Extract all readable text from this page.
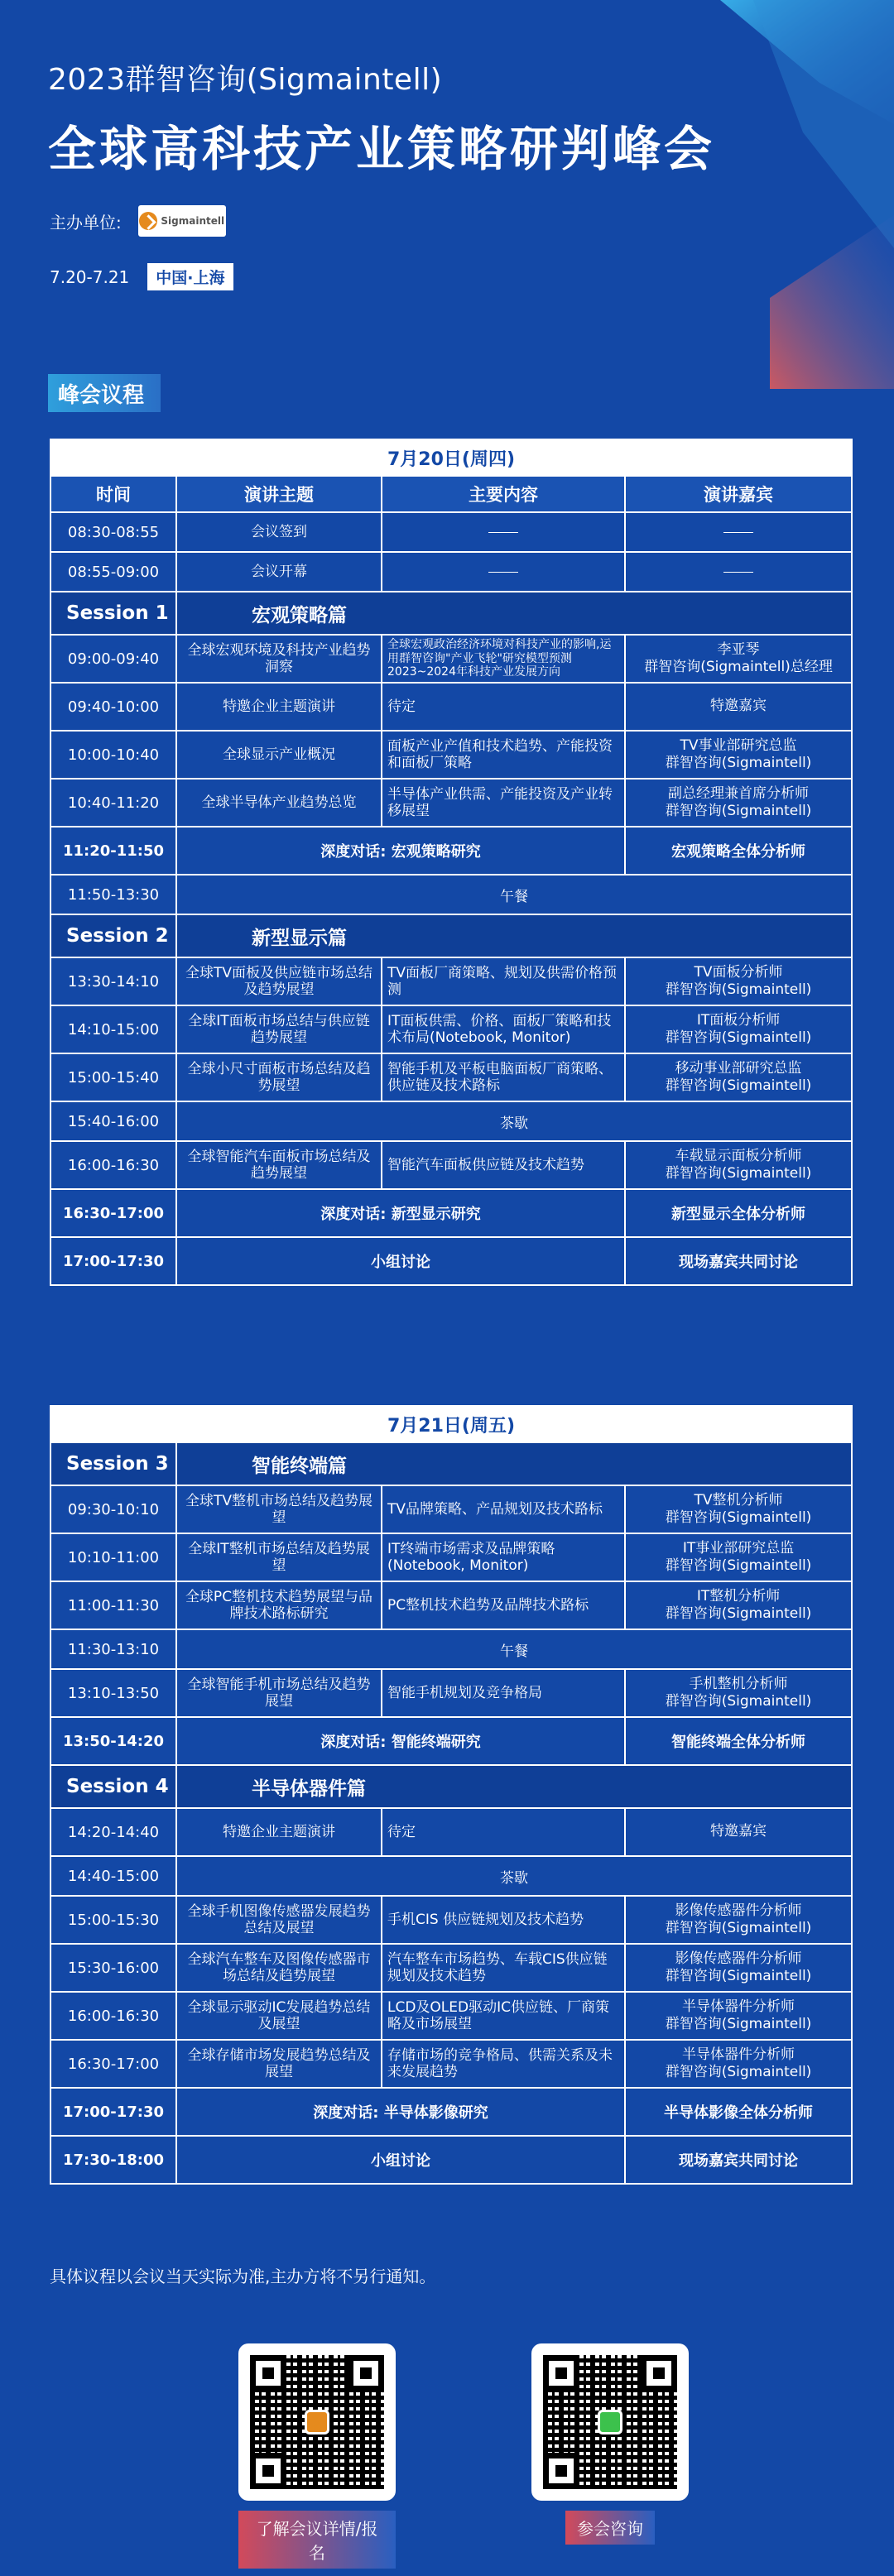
2023群智咨询(Sigmaintell)
全球高科技产业策略研判峰会
主办单位:	Sigmaintell
7.20-7.21	中国·上海
峰会议程
7月20日(周四)			
时间	演讲主题	主要内容	演讲嘉宾
08:30-08:55	会议签到		
08:55-09:00	会议开幕		
Session 1	宏观策略篇		
09:00-09:40	全球宏观环境及科技产业趋势洞察	全球宏观政治经济环境对科技产业的影响,运用群智咨询"产业飞轮"研究模型预测2023~2024年科技产业发展方向	李亚琴
群智咨询(Sigmaintell)总经理
09:40-10:00	特邀企业主题演讲	待定	特邀嘉宾
10:00-10:40	全球显示产业概况	面板产业产值和技术趋势、产能投资和面板厂策略	TV事业部研究总监
群智咨询(Sigmaintell)
10:40-11:20	全球半导体产业趋势总览	半导体产业供需、产能投资及产业转移展望	副总经理兼首席分析师
群智咨询(Sigmaintell)
11:20-11:50	深度对话: 宏观策略研究		宏观策略全体分析师
11:50-13:30	午餐		
Session 2	新型显示篇		
13:30-14:10	全球TV面板及供应链市场总结及趋势展望	TV面板厂商策略、规划及供需价格预测	TV面板分析师
群智咨询(Sigmaintell)
14:10-15:00	全球IT面板市场总结与供应链趋势展望	IT面板供需、价格、面板厂策略和技术布局(Notebook, Monitor)	IT面板分析师
群智咨询(Sigmaintell)
15:00-15:40	全球小尺寸面板市场总结及趋势展望	智能手机及平板电脑面板厂商策略、供应链及技术路标	移动事业部研究总监
群智咨询(Sigmaintell)
15:40-16:00	茶歇		
16:00-16:30	全球智能汽车面板市场总结及趋势展望	智能汽车面板供应链及技术趋势	车载显示面板分析师
群智咨询(Sigmaintell)
16:30-17:00	深度对话: 新型显示研究		新型显示全体分析师
17:00-17:30	小组讨论		现场嘉宾共同讨论
7月21日(周五)			
Session 3	智能终端篇		
09:30-10:10	全球TV整机市场总结及趋势展望	TV品牌策略、产品规划及技术路标	TV整机分析师
群智咨询(Sigmaintell)
10:10-11:00	全球IT整机市场总结及趋势展望	IT终端市场需求及品牌策略(Notebook, Monitor)	IT事业部研究总监
群智咨询(Sigmaintell)
11:00-11:30	全球PC整机技术趋势展望与品牌技术路标研究	PC整机技术趋势及品牌技术路标	IT整机分析师
群智咨询(Sigmaintell)
11:30-13:10	午餐		
13:10-13:50	全球智能手机市场总结及趋势展望	智能手机规划及竞争格局	手机整机分析师
群智咨询(Sigmaintell)
13:50-14:20	深度对话: 智能终端研究		智能终端全体分析师
Session 4	半导体器件篇		
14:20-14:40	特邀企业主题演讲	待定	特邀嘉宾
14:40-15:00	茶歇		
15:00-15:30	全球手机图像传感器发展趋势总结及展望	手机CIS 供应链规划及技术趋势	影像传感器件分析师
群智咨询(Sigmaintell)
15:30-16:00	全球汽车整车及图像传感器市场总结及趋势展望	汽车整车市场趋势、车载CIS供应链规划及技术趋势	影像传感器件分析师
群智咨询(Sigmaintell)
16:00-16:30	全球显示驱动IC发展趋势总结及展望	LCD及OLED驱动IC供应链、厂商策略及市场展望	半导体器件分析师
群智咨询(Sigmaintell)
16:30-17:00	全球存储市场发展趋势总结及展望	存储市场的竞争格局、供需关系及未来发展趋势	半导体器件分析师
群智咨询(Sigmaintell)
17:00-17:30	深度对话: 半导体影像研究		半导体影像全体分析师
17:30-18:00	小组讨论		现场嘉宾共同讨论
具体议程以会议当天实际为准,主办方将不另行通知。
了解会议详情/报名
参会咨询
